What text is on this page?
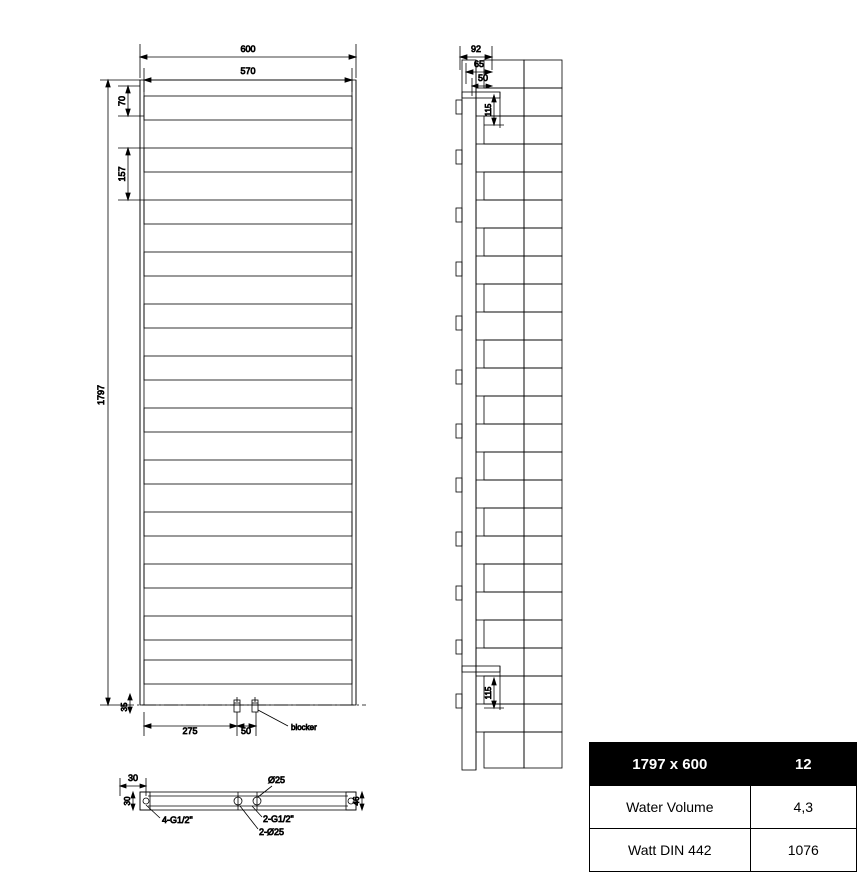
600
570
70
157
1797
35
blocker
275	50
92
65
50
115
115
30
30	46
Ø25
4-G1/2"	2-G1/2"
2-Ø25
1797 x 600	12
Water Volume	4,3
Watt DIN 442	1076
